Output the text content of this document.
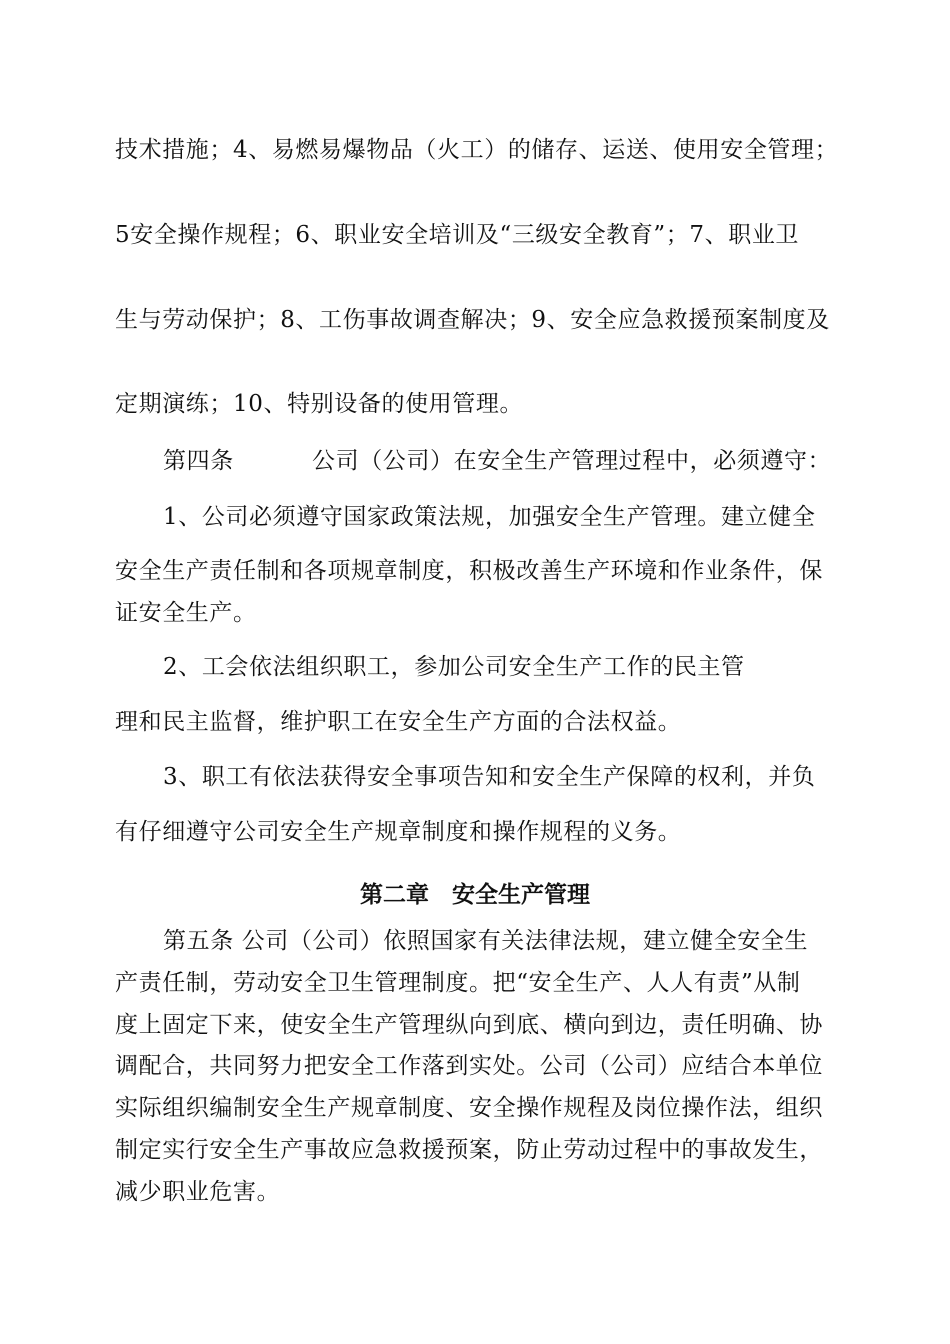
技术措施；4、易燃易爆物品（火工）的储存、运送、使用安全管理；
5安全操作规程；6、职业安全培训及“三级安全教育”；7、职业卫
生与劳动保护；8、工伤事故调查解决；9、安全应急救援预案制度及
定期演练；10、特别设备的使用管理。
第四条	公司（公司）在安全生产管理过程中，必须遵守：
1、公司必须遵守国家政策法规，加强安全生产管理。建立健全
安全生产责任制和各项规章制度，积极改善生产环境和作业条件，保
证安全生产。
2、工会依法组织职工，参加公司安全生产工作的民主管
理和民主监督，维护职工在安全生产方面的合法权益。
3、职工有依法获得安全事项告知和安全生产保障的权利，并负
有仔细遵守公司安全生产规章制度和操作规程的义务。
第二章　安全生产管理
第五条 公司（公司）依照国家有关法律法规，建立健全安全生
产责任制，劳动安全卫生管理制度。把“安全生产、人人有责”从制
度上固定下来，使安全生产管理纵向到底、横向到边，责任明确、协
调配合，共同努力把安全工作落到实处。公司（公司）应结合本单位
实际组织编制安全生产规章制度、安全操作规程及岗位操作法，组织
制定实行安全生产事故应急救援预案，防止劳动过程中的事故发生，
减少职业危害。
